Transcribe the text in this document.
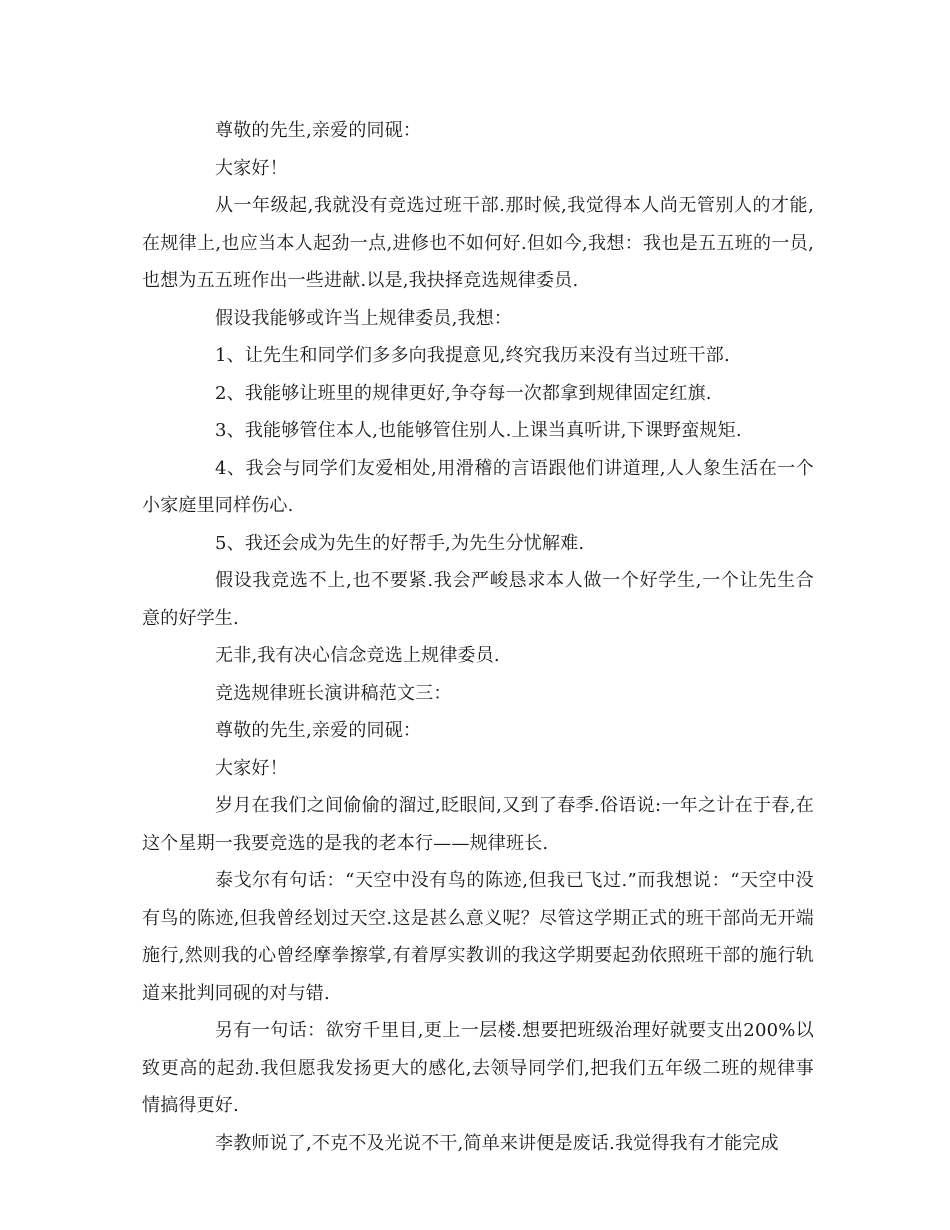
尊敬的先生,亲爱的同砚：

大家好！

从一年级起,我就没有竞选过班干部.那时候,我觉得本人尚无管别人的才能,在规律上,也应当本人起劲一点,进修也不如何好.但如今,我想：我也是五五班的一员,也想为五五班作出一些进献.以是,我抉择竞选规律委员.

假设我能够或许当上规律委员,我想：

1、让先生和同学们多多向我提意见,终究我历来没有当过班干部.

2、我能够让班里的规律更好,争夺每一次都拿到规律固定红旗.

3、我能够管住本人,也能够管住别人.上课当真听讲,下课野蛮规矩.

4、我会与同学们友爱相处,用滑稽的言语跟他们讲道理,人人象生活在一个小家庭里同样伤心.

5、我还会成为先生的好帮手,为先生分忧解难.

假设我竞选不上,也不要紧.我会严峻恳求本人做一个好学生,一个让先生合意的好学生.

无非,我有决心信念竞选上规律委员.

竞选规律班长演讲稿范文三：

尊敬的先生,亲爱的同砚：

大家好！

岁月在我们之间偷偷的溜过,眨眼间,又到了春季.俗语说:一年之计在于春,在这个星期一我要竞选的是我的老本行——规律班长.

泰戈尔有句话：“天空中没有鸟的陈迹,但我已飞过.”而我想说：“天空中没有鸟的陈迹,但我曾经划过天空.这是甚么意义呢？尽管这学期正式的班干部尚无开端施行,然则我的心曾经摩拳擦掌,有着厚实教训的我这学期要起劲依照班干部的施行轨道来批判同砚的对与错.

另有一句话：欲穷千里目,更上一层楼.想要把班级治理好就要支出200%以致更高的起劲.我但愿我发扬更大的感化,去领导同学们,把我们五年级二班的规律事情搞得更好.

李教师说了,不克不及光说不干,简单来讲便是废话.我觉得我有才能完成
